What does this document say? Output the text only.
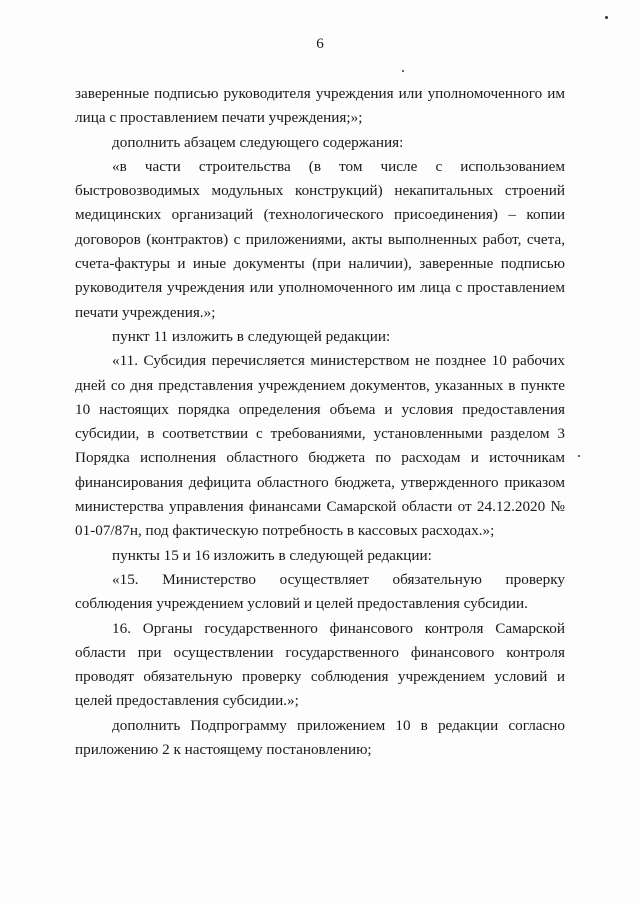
6

заверенные подписью руководителя учреждения или уполномоченного им лица с проставлением печати учреждения;»;

дополнить абзацем следующего содержания:

«в части строительства (в том числе с использованием быстровозводимых модульных конструкций) некапитальных строений медицинских организаций (технологического присоединения) – копии договоров (контрактов) с приложениями, акты выполненных работ, счета, счета-фактуры и иные документы (при наличии), заверенные подписью руководителя учреждения или уполномоченного им лица с проставлением печати учреждения.»;

пункт 11 изложить в следующей редакции:

«11. Субсидия перечисляется министерством не позднее 10 рабочих дней со дня представления учреждением документов, указанных в пункте 10 настоящих порядка определения объема и условия предоставления субсидии, в соответствии с требованиями, установленными разделом 3 Порядка исполнения областного бюджета по расходам и источникам финансирования дефицита областного бюджета, утвержденного приказом министерства управления финансами Самарской области от 24.12.2020 № 01-07/87н, под фактическую потребность в кассовых расходах.»;

пункты 15 и 16 изложить в следующей редакции:

«15. Министерство осуществляет обязательную проверку соблюдения учреждением условий и целей предоставления субсидии.

16. Органы государственного финансового контроля Самарской области при осуществлении государственного финансового контроля проводят обязательную проверку соблюдения учреждением условий и целей предоставления субсидии.»;

дополнить Подпрограмму приложением 10 в редакции согласно приложению 2 к настоящему постановлению;
